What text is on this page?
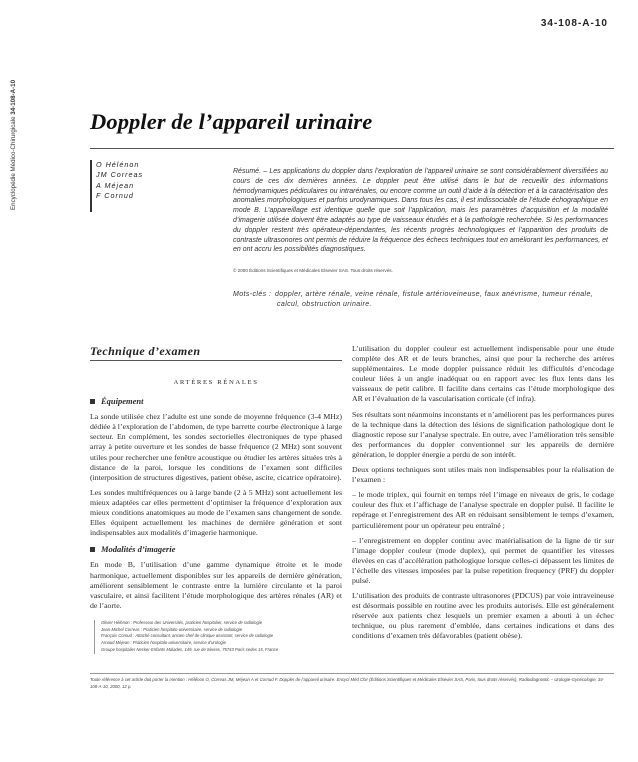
Encyclopédie Médico-Chirurgicale 34-108-A-10
34-108-A-10
Doppler de l’appareil urinaire
O Hélénon
JM Correas
A Méjean
F Cornud
Résumé. – Les applications du doppler dans l’exploration de l’appareil urinaire se sont considérablement diversifiées au cours de ces dix dernières années. Le doppler peut être utilisé dans le but de recueillir des informations hémodynamiques pédiculaires ou intrarénales, ou encore comme un outil d’aide à la détection et à la caractérisation des anomalies morphologiques et parfois urodynamiques. Dans tous les cas, il est indissociable de l’étude échographique en mode B. L’appareillage est identique quelle que soit l’application, mais les paramètres d’acquisition et la modalité d’imagerie utilisée doivent être adaptés au type de vaisseaux étudiés et à la pathologie recherchée. Si les performances du doppler restent très opérateur-dépendantes, les récents progrès technologiques et l’apparition des produits de contraste ultrasonores ont permis de réduire la fréquence des échecs techniques tout en améliorant les performances, et en ont accru les possibilités diagnostiques.
© 2000 Éditions Scientifiques et Médicales Elsevier SAS. Tous droits réservés.
Mots-clés : doppler, artère rénale, veine rénale, fistule artérioveineuse, faux anévrisme, tumeur rénale,
calcul, obstruction urinaire.
Technique d’examen
ARTÈRES RÉNALES
Équipement

La sonde utilisée chez l’adulte est une sonde de moyenne fréquence (3-4 MHz) dédiée à l’exploration de l’abdomen, de type barrette courbe électronique à large secteur. En complément, les sondes sectorielles électroniques de type phased array à petite ouverture et les sondes de basse fréquence (2 MHz) sont souvent utiles pour rechercher une fenêtre acoustique ou étudier les artères situées très à distance de la paroi, lorsque les conditions de l’examen sont difficiles (interposition de structures digestives, patient obèse, ascite, cicatrice opératoire).

Les sondes multifréquences ou à large bande (2 à 5 MHz) sont actuellement les mieux adaptées car elles permettent d’optimiser la fréquence d’exploration aux mieux conditions anatomiques au mode de l’examen sans changement de sonde. Elles équipent actuellement les machines de dernière génération et sont indispensables aux modalités d’imagerie harmonique.

Modalités d’imagerie

En mode B, l’utilisation d’une gamme dynamique étroite et le mode harmonique, actuellement disponibles sur les appareils de dernière génération, améliorent sensiblement le contraste entre la lumière circulante et la paroi vasculaire, et ainsi facilitent l’étude morphologique des artères rénales (AR) et de l’aorte.

L’utilisation du doppler couleur est actuellement indispensable pour une étude complète des AR et de leurs branches, ainsi que pour la recherche des artères supplémentaires. Le mode doppler puissance réduit les difficultés d’encodage couleur liées à un angle inadéquat ou en rapport avec les flux lents dans les vaisseaux de petit calibre. Il facilite dans certains cas l’étude morphologique des AR et l’évaluation de la vascularisation corticale (cf infra).

Ses résultats sont néanmoins inconstants et n’améliorent pas les performances pures de la technique dans la détection des lésions de signification pathologique dont le diagnostic repose sur l’analyse spectrale. En outre, avec l’amélioration très sensible des performances du doppler conventionnel sur les appareils de dernière génération, le doppler énergie a perdu de son intérêt.

Deux options techniques sont utiles mais non indispensables pour la réalisation de l’examen :

– le mode triplex, qui fournit en temps réel l’image en niveaux de gris, le codage couleur des flux et l’affichage de l’analyse spectrale en doppler pulsé. Il facilite le repérage et l’enregistrement des AR en réduisant sensiblement le temps d’examen, particulièrement pour un opérateur peu entraîné ;

– l’enregistrement en doppler continu avec matérialisation de la ligne de tir sur l’image doppler couleur (mode duplex), qui permet de quantifier les vitesses élevées en cas d’accélération pathologique lorsque celles-ci dépassent les limites de l’échelle des vitesses imposées par la pulse repetition frequency (PRF) du doppler pulsé.

L’utilisation des produits de contraste ultrasonores (PDCUS) par voie intraveineuse est désormais possible en routine avec les produits autorisés. Elle est généralement réservée aux patients chez lesquels un premier examen a abouti à un échec technique, ou plus rarement d’emblée, dans certaines indications et dans des conditions d’examen très défavorables (patient obèse).

Olivier Hélénon : Professeur des Universités, praticien hospitalier, service de radiologie
Jean-Michel Correas : Praticien hospitalo-universitaire, service de radiologie
François Cornud : Attaché consultant, ancien chef de clinique assistant, service de radiologie
Arnaud Méjean : Praticien hospitalo-universitaire, service d’urologie
Groupe hospitalier Necker-Enfants Malades, 149, rue de Sèvres, 75743 Paris cedex 15, France
Toute référence à cet article doit porter la mention : Hélénon O, Correas JM, Méjean A et Cornud F. Doppler de l’appareil urinaire. Encycl Méd Chir (Éditions Scientifiques et Médicales Elsevier SAS, Paris, tous droits réservés), Radiodiagnostic – Urologie-Gynécologie, 34-108-A-10, 2000, 12 p.
